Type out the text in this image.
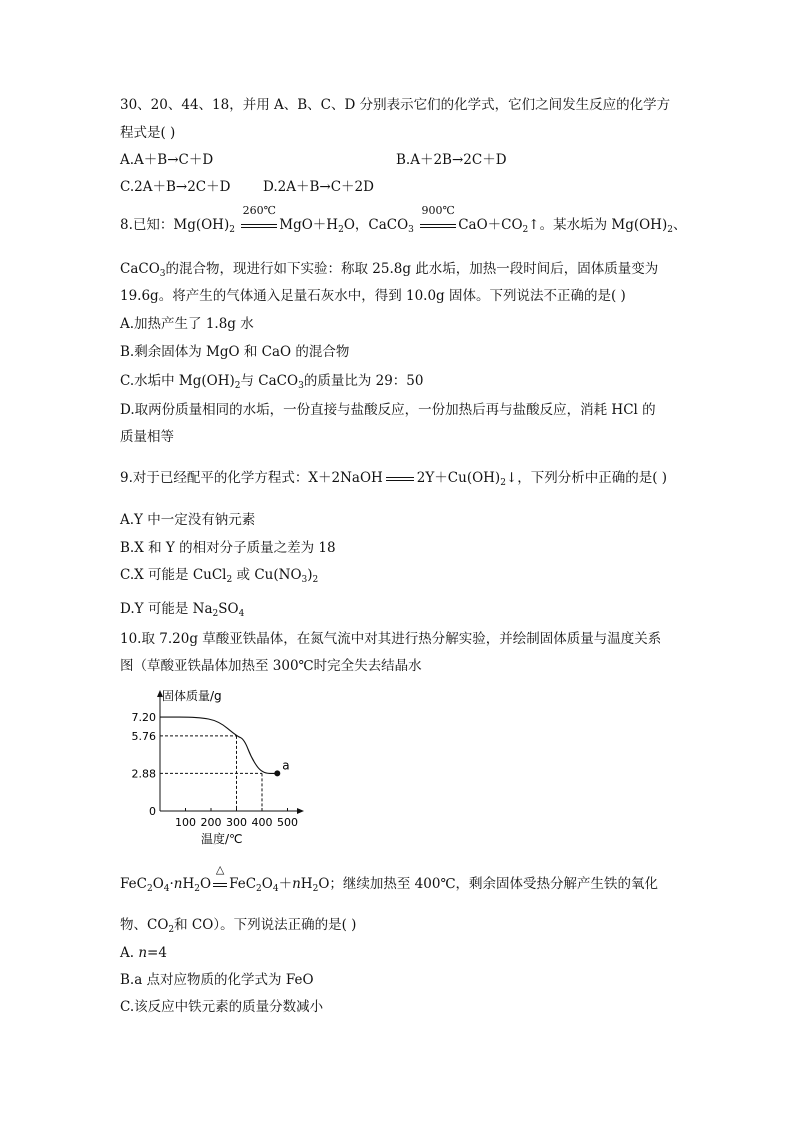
30、20、44、18，并用 A、B、C、D 分别表示它们的化学式，它们之间发生反应的化学方
程式是( )
A.A＋B→C＋D	B.A＋2B→2C＋D
C.2A＋B→2C＋D D.2A＋B→C＋2D
8.已知：$Mg(OH)_2$
260℃
$MgO+H_2O$，CaCO$_3$
900℃
$CaO+CO_2↑$。某水垢为 $Mg(OH)_2$、
CaCO$_3$的混合物，现进行如下实验：称取 25.8g 此水垢，加热一段时间后，固体质量变为
19.6g。将产生的气体通入足量石灰水中，得到 10.0g 固体。下列说法不正确的是( )
A.加热产生了 1.8g 水
B.剩余固体为 MgO 和 CaO 的混合物
C.水垢中 $Mg(OH)_2$与 CaCO$_3$的质量比为 29：50
D.取两份质量相同的水垢，一份直接与盐酸反应，一份加热后再与盐酸反应，消耗 HCl 的
质量相等
9.对于已经配平的化学方程式：X＋2NaOH	$2Y+Cu(OH)_2↓$，下列分析中正确的是( )
A.Y 中一定没有钠元素
B.X 和 Y 的相对分子质量之差为 18
C.X 可能是 CuCl$_2$ 或 $Cu(NO_3)_2$
D.Y 可能是 $Na_2SO_4$
10.取 7.20g 草酸亚铁晶体，在氮气流中对其进行热分解实验，并绘制固体质量与温度关系
图（草酸亚铁晶体加热至 300℃时完全失去结晶水
固体质量/g
温度/℃
100 200 300 400 500
7.20
5.76
2.88
0
a
$FeC_2O_4\cdot nH_2O$
△
$FeC_2O_4+nH_2O$；继续加热至 400℃，剩余固体受热分解产生铁的氧化
物、$CO_2$和 CO）。下列说法正确的是( )
A. n=4
B.a 点对应物质的化学式为 FeO
C.该反应中铁元素的质量分数减小
